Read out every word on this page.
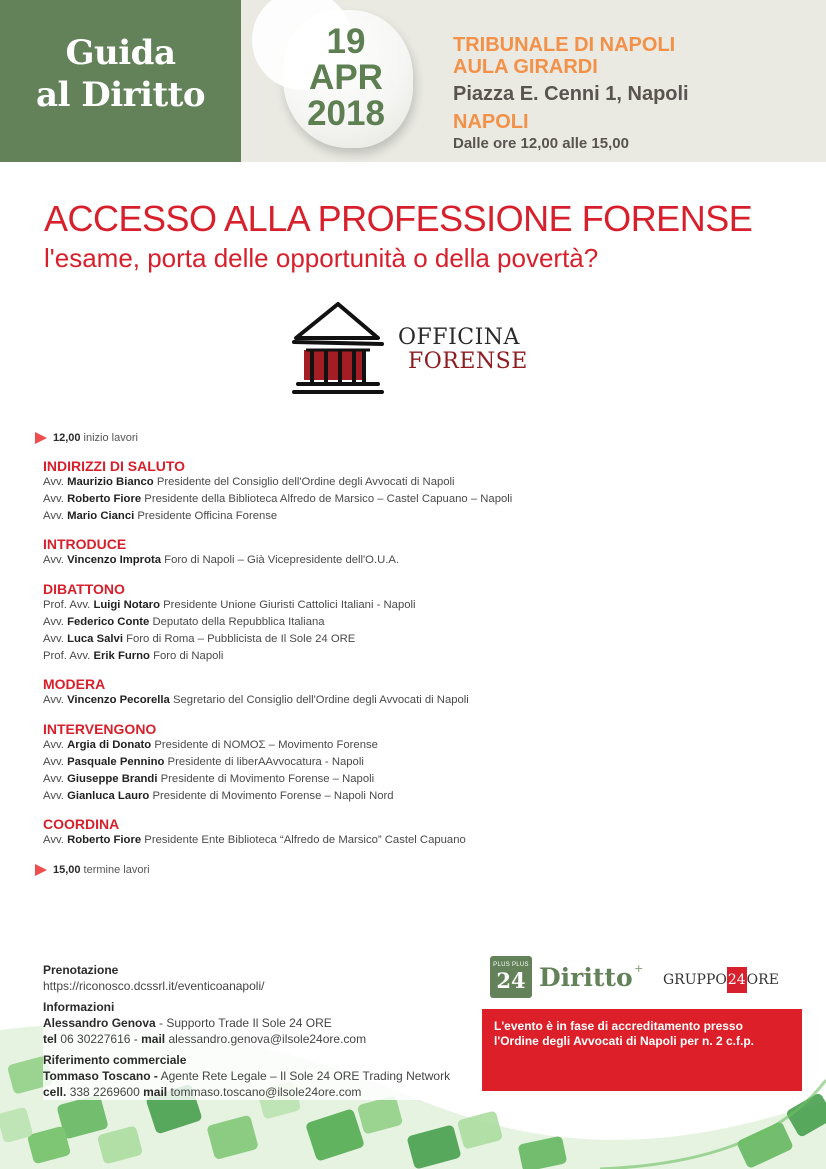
Guida
al Diritto
19
APR
2018
TRIBUNALE DI NAPOLI
AULA GIRARDI
Piazza E. Cenni 1, Napoli
NAPOLI
Dalle ore 12,00 alle 15,00
ACCESSO ALLA PROFESSIONE FORENSE
l'esame, porta delle opportunità o della povertà?
OFFICINA
FORENSE
12,00 inizio lavori
INDIRIZZI DI SALUTO
Avv. Maurizio Bianco Presidente del Consiglio dell'Ordine degli Avvocati di Napoli
Avv. Roberto Fiore Presidente della Biblioteca Alfredo de Marsico – Castel Capuano – Napoli
Avv. Mario Cianci Presidente Officina Forense
INTRODUCE
Avv. Vincenzo Improta Foro di Napoli – Già Vicepresidente dell'O.U.A.
DIBATTONO
Prof. Avv. Luigi Notaro Presidente Unione Giuristi Cattolici Italiani - Napoli
Avv. Federico Conte Deputato della Repubblica Italiana
Avv. Luca Salvi Foro di Roma – Pubblicista de Il Sole 24 ORE
Prof. Avv. Erik Furno Foro di Napoli
MODERA
Avv. Vincenzo Pecorella Segretario del Consiglio dell'Ordine degli Avvocati di Napoli
INTERVENGONO
Avv. Argia di Donato Presidente di NOMOΣ – Movimento Forense
Avv. Pasquale Pennino Presidente di liberAAvvocatura - Napoli
Avv. Giuseppe Brandi Presidente di Movimento Forense – Napoli
Avv. Gianluca Lauro Presidente di Movimento Forense – Napoli Nord
COORDINA
Avv. Roberto Fiore Presidente Ente Biblioteca “Alfredo de Marsico” Castel Capuano
15,00 termine lavori
Prenotazione
https://riconosco.dcssrl.it/eventicoanapoli/
Informazioni
Alessandro Genova - Supporto Trade Il Sole 24 ORE
tel 06 30227616 - mail alessandro.genova@ilsole24ore.com
Riferimento commerciale
Tommaso Toscano - Agente Rete Legale – Il Sole 24 ORE Trading Network
cell. 338 2269600 mail tommaso.toscano@ilsole24ore.com
PLUS PLUS
24 Diritto +
GRUPPO 24 ORE
L'evento è in fase di accreditamento presso
l'Ordine degli Avvocati di Napoli per n. 2 c.f.p.
